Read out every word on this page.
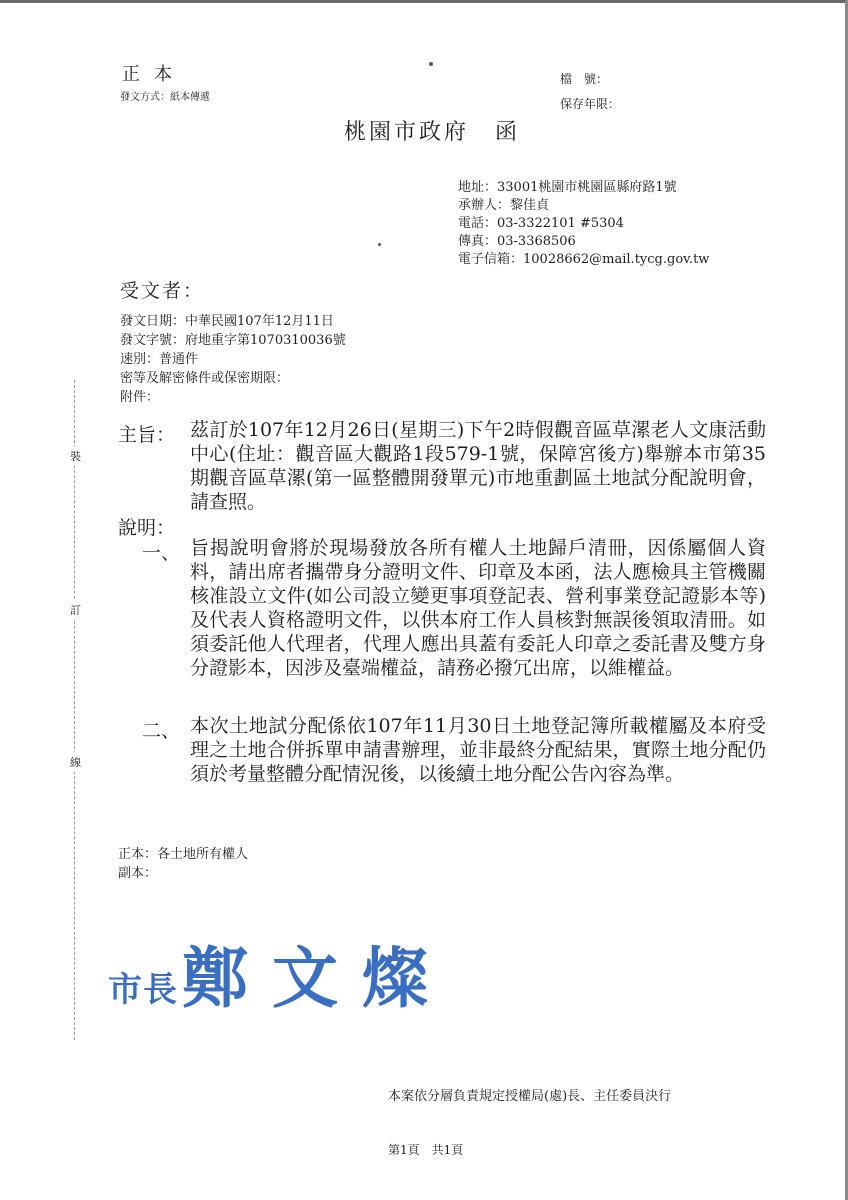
正本
發文方式：紙本傳遞
檔　號：
保存年限：
桃園市政府 函
地址：33001桃園市桃園區縣府路1號
承辦人：黎佳貞
電話：03-3322101 #5304
傳真：03-3368506
電子信箱：10028662@mail.tycg.gov.tw
受文者：
發文日期：中華民國107年12月11日
發文字號：府地重字第1070310036號
速別：普通件
密等及解密條件或保密期限：
附件：
裝
訂
線
主旨： 茲訂於107年12月26日(星期三)下午2時假觀音區草漯老人文康活動中心(住址：觀音區大觀路1段579-1號，保障宮後方)舉辦本市第35期觀音區草漯(第一區整體開發單元)市地重劃區土地試分配說明會，請查照。
說明：
一、 旨揭說明會將於現場發放各所有權人土地歸戶清冊，因係屬個人資料，請出席者攜帶身分證明文件、印章及本函，法人應檢具主管機關核准設立文件(如公司設立變更事項登記表、營利事業登記證影本等)及代表人資格證明文件，以供本府工作人員核對無誤後領取清冊。如須委託他人代理者，代理人應出具蓋有委託人印章之委託書及雙方身分證影本，因涉及臺端權益，請務必撥冗出席，以維權益。
二、 本次土地試分配係依107年11月30日土地登記簿所載權屬及本府受理之土地合併拆單申請書辦理，並非最終分配結果，實際土地分配仍須於考量整體分配情況後，以後續土地分配公告內容為準。
正本：各土地所有權人
副本：
市長鄭文燦
本案依分層負責規定授權局(處)長、主任委員決行
第1頁　共1頁
